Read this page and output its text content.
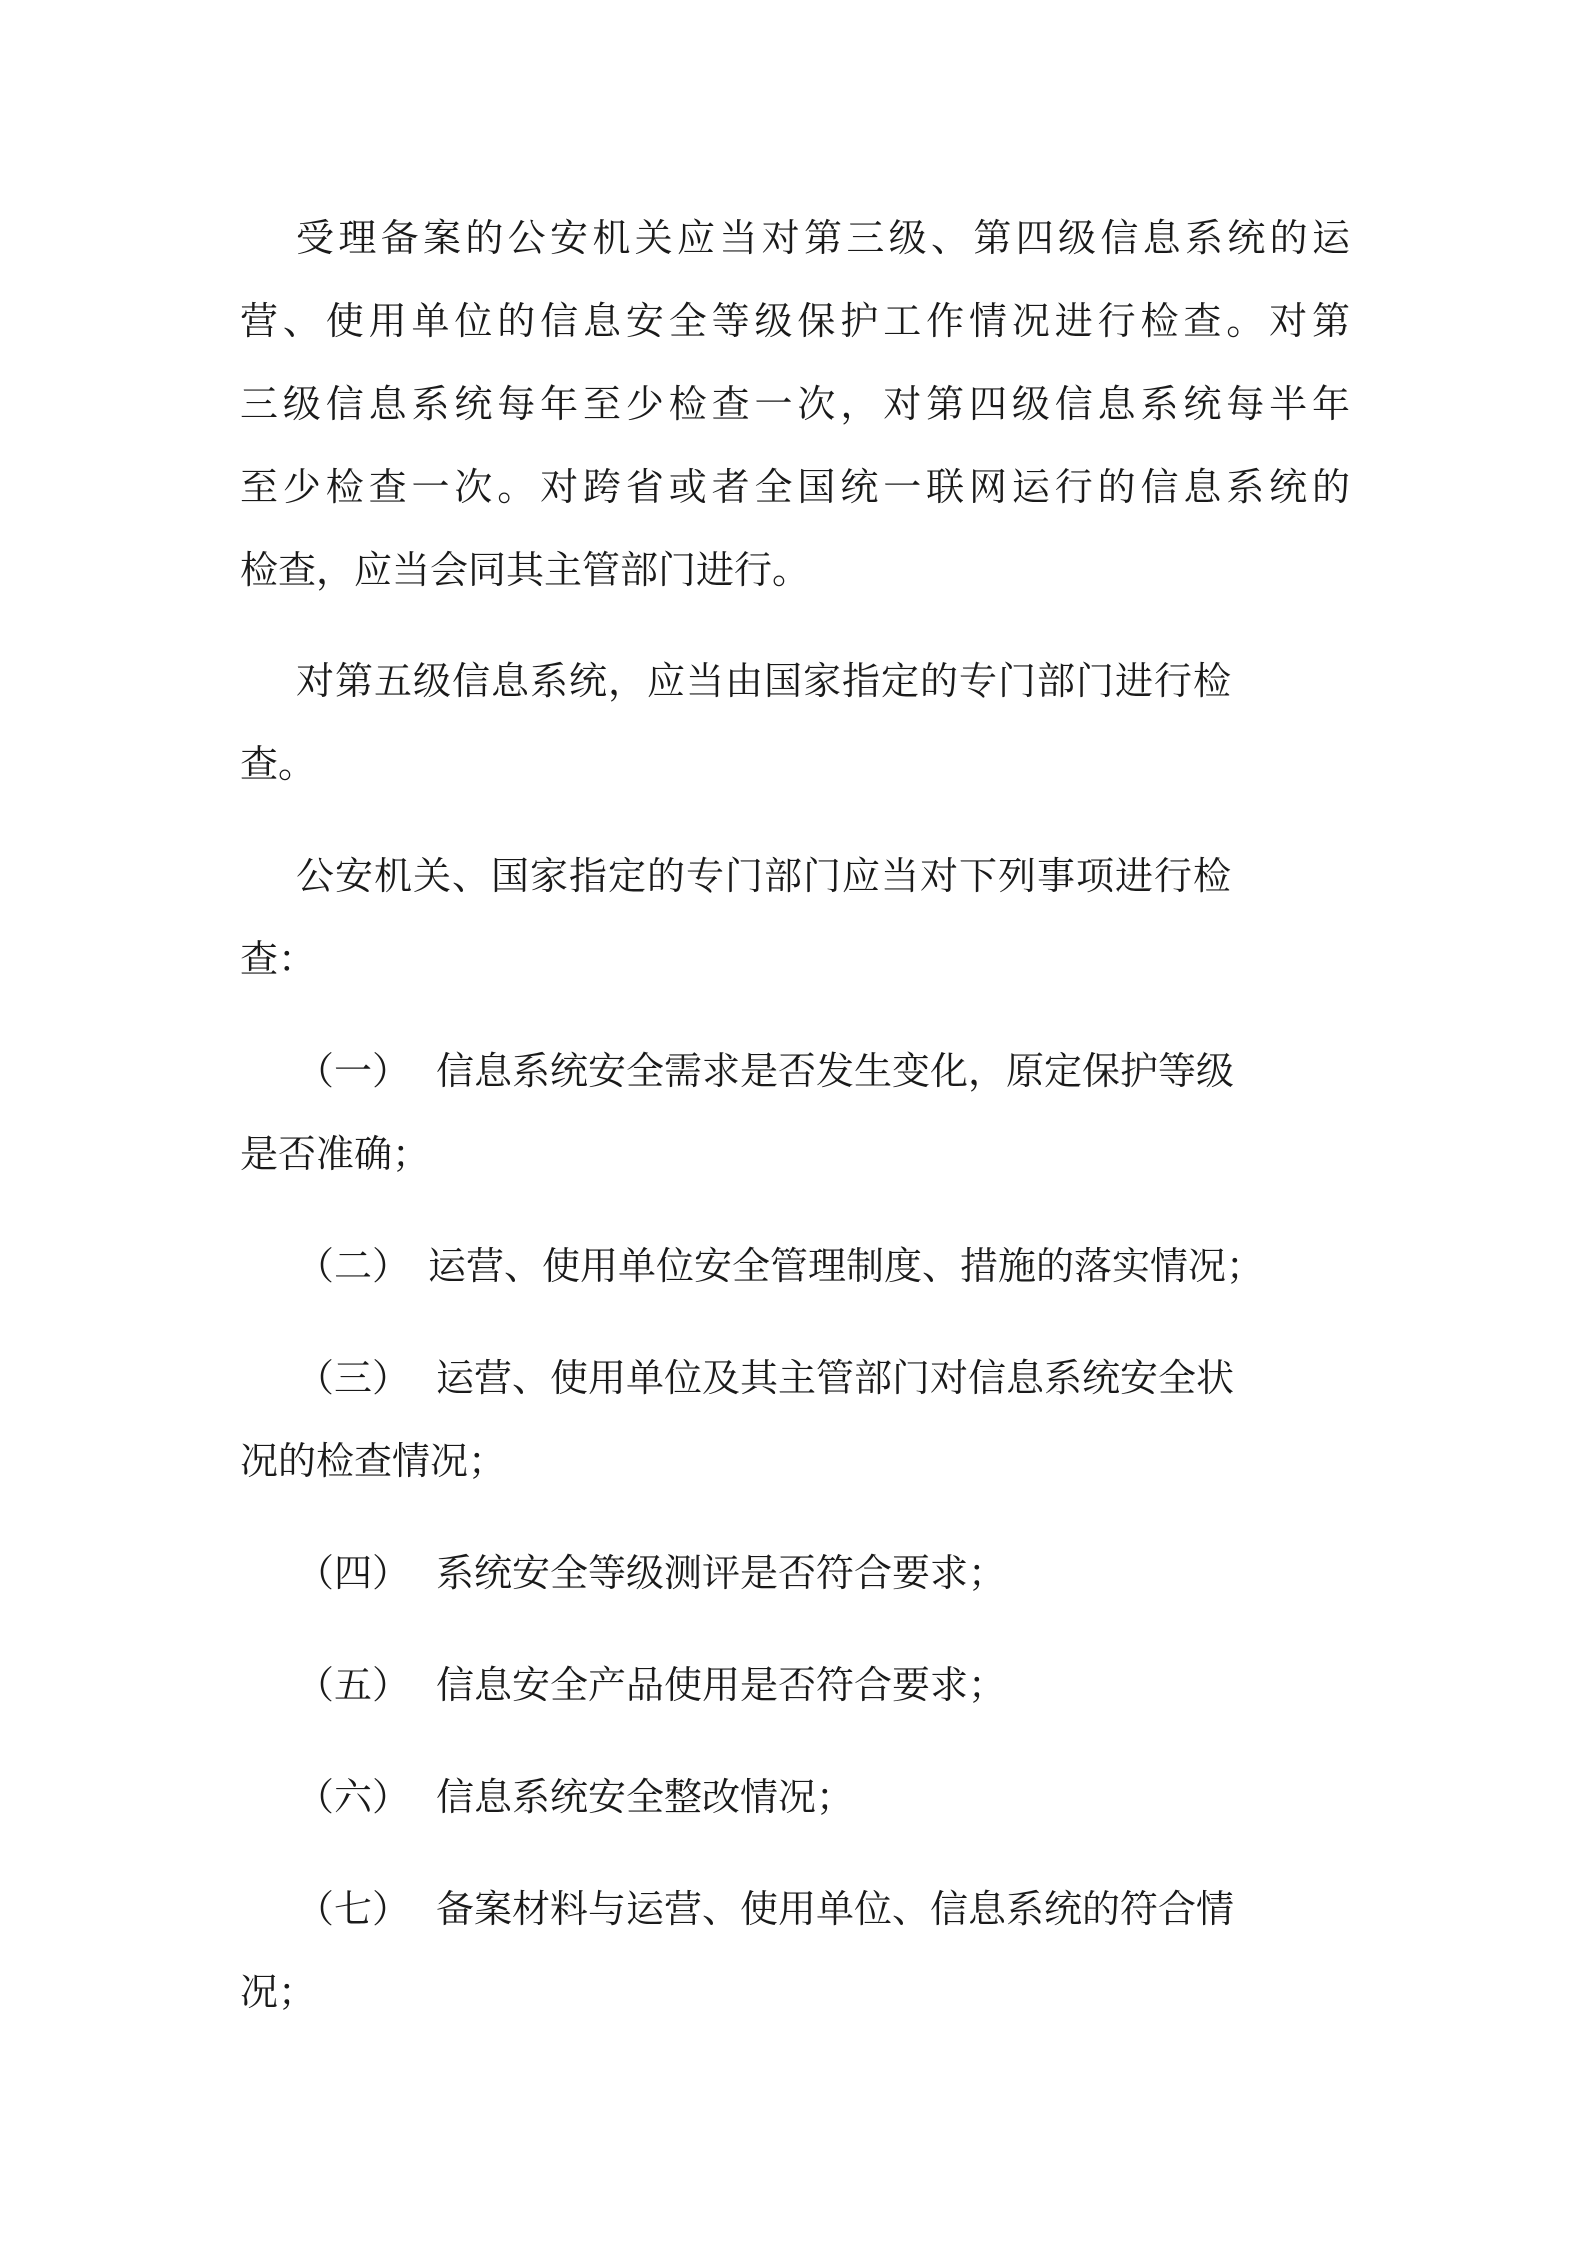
受理备案的公安机关应当对第三级、第四级信息系统的运
营、使用单位的信息安全等级保护工作情况进行检查。对第
三级信息系统每年至少检查一次，对第四级信息系统每半年
至少检查一次。对跨省或者全国统一联网运行的信息系统的
检查，应当会同其主管部门进行。
对第五级信息系统，应当由国家指定的专门部门进行检
查。
公安机关、国家指定的专门部门应当对下列事项进行检
查：
（一） 信息系统安全需求是否发生变化，原定保护等级
是否准确；
（二） 运营、使用单位安全管理制度、措施的落实情况；
（三） 运营、使用单位及其主管部门对信息系统安全状
况的检查情况；
（四） 系统安全等级测评是否符合要求；
（五） 信息安全产品使用是否符合要求；
（六） 信息系统安全整改情况；
（七） 备案材料与运营、使用单位、信息系统的符合情
况；
